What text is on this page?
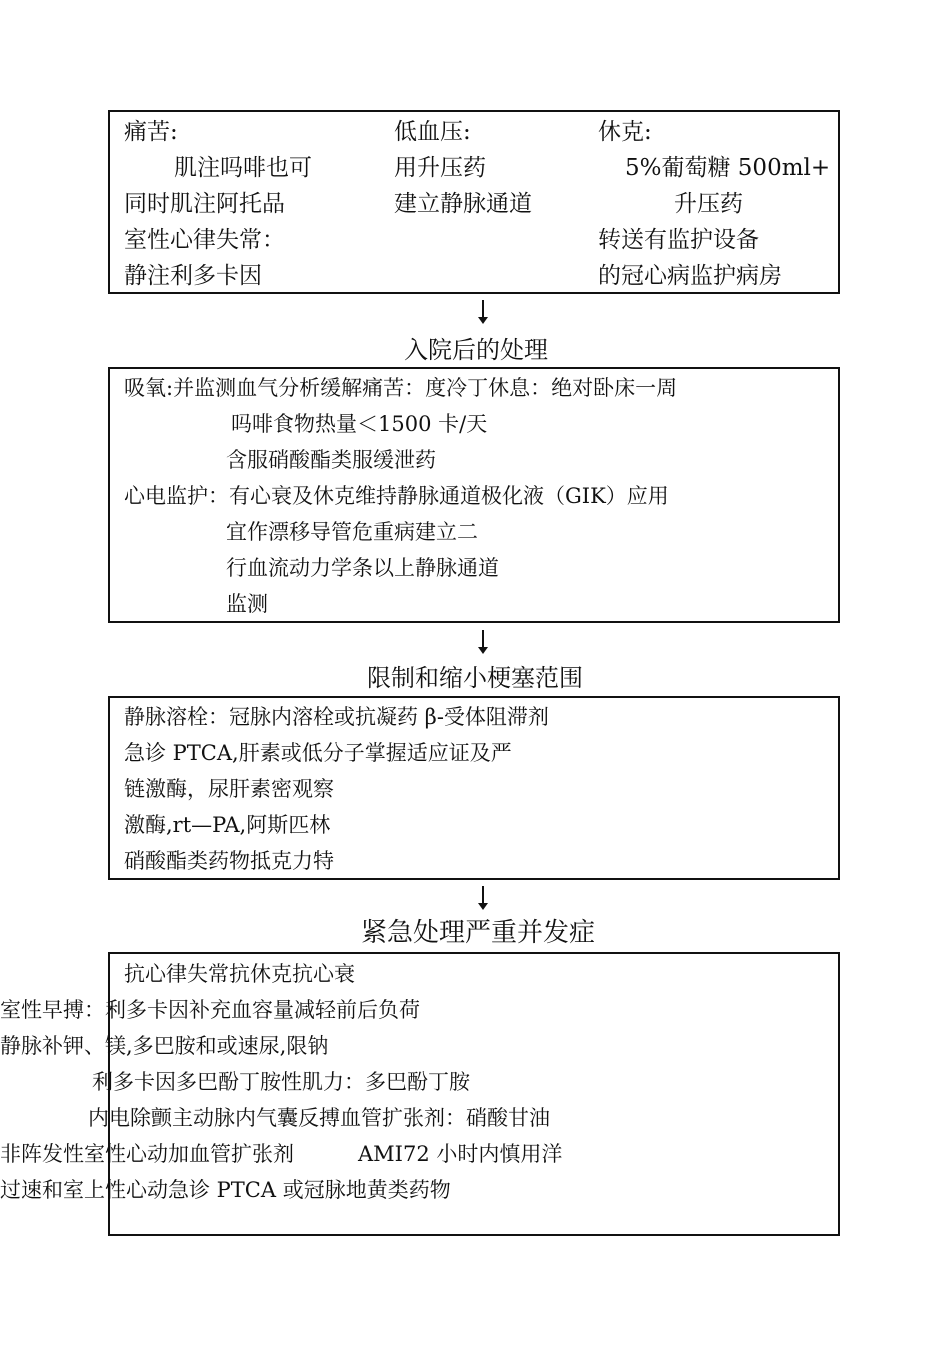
痛苦:
肌注吗啡也可
同时肌注阿托品
室性心律失常：
静注利多卡因
低血压:
用升压药
建立静脉通道
休克:
5%葡萄糖 500ml+
升压药
转送有监护设备
的冠心病监护病房
入院后的处理
吸氧:并监测血气分析缓解痛苦：度冷丁休息：绝对卧床一周
吗啡食物热量＜1500 卡/天
含服硝酸酯类服缓泄药
心电监护：有心衰及休克维持静脉通道极化液（GIK）应用
宜作漂移导管危重病建立二
行血流动力学条以上静脉通道
监测
限制和缩小梗塞范围
静脉溶栓：冠脉内溶栓或抗凝药 β-受体阻滞剂
急诊 PTCA,肝素或低分子掌握适应证及严
链激酶，尿肝素密观察
激酶,rt—PA,阿斯匹林
硝酸酯类药物抵克力特
紧急处理严重并发症
抗心律失常抗休克抗心衰
室性早搏：利多卡因补充血容量减轻前后负荷
静脉补钾、镁,多巴胺和或速尿,限钠
利多卡因多巴酚丁胺性肌力：多巴酚丁胺
内电除颤主动脉内气囊反搏血管扩张剂：硝酸甘油
非阵发性室性心动加血管扩张剂	AMI72 小时内慎用洋
过速和室上性心动急诊 PTCA 或冠脉地黄类药物
